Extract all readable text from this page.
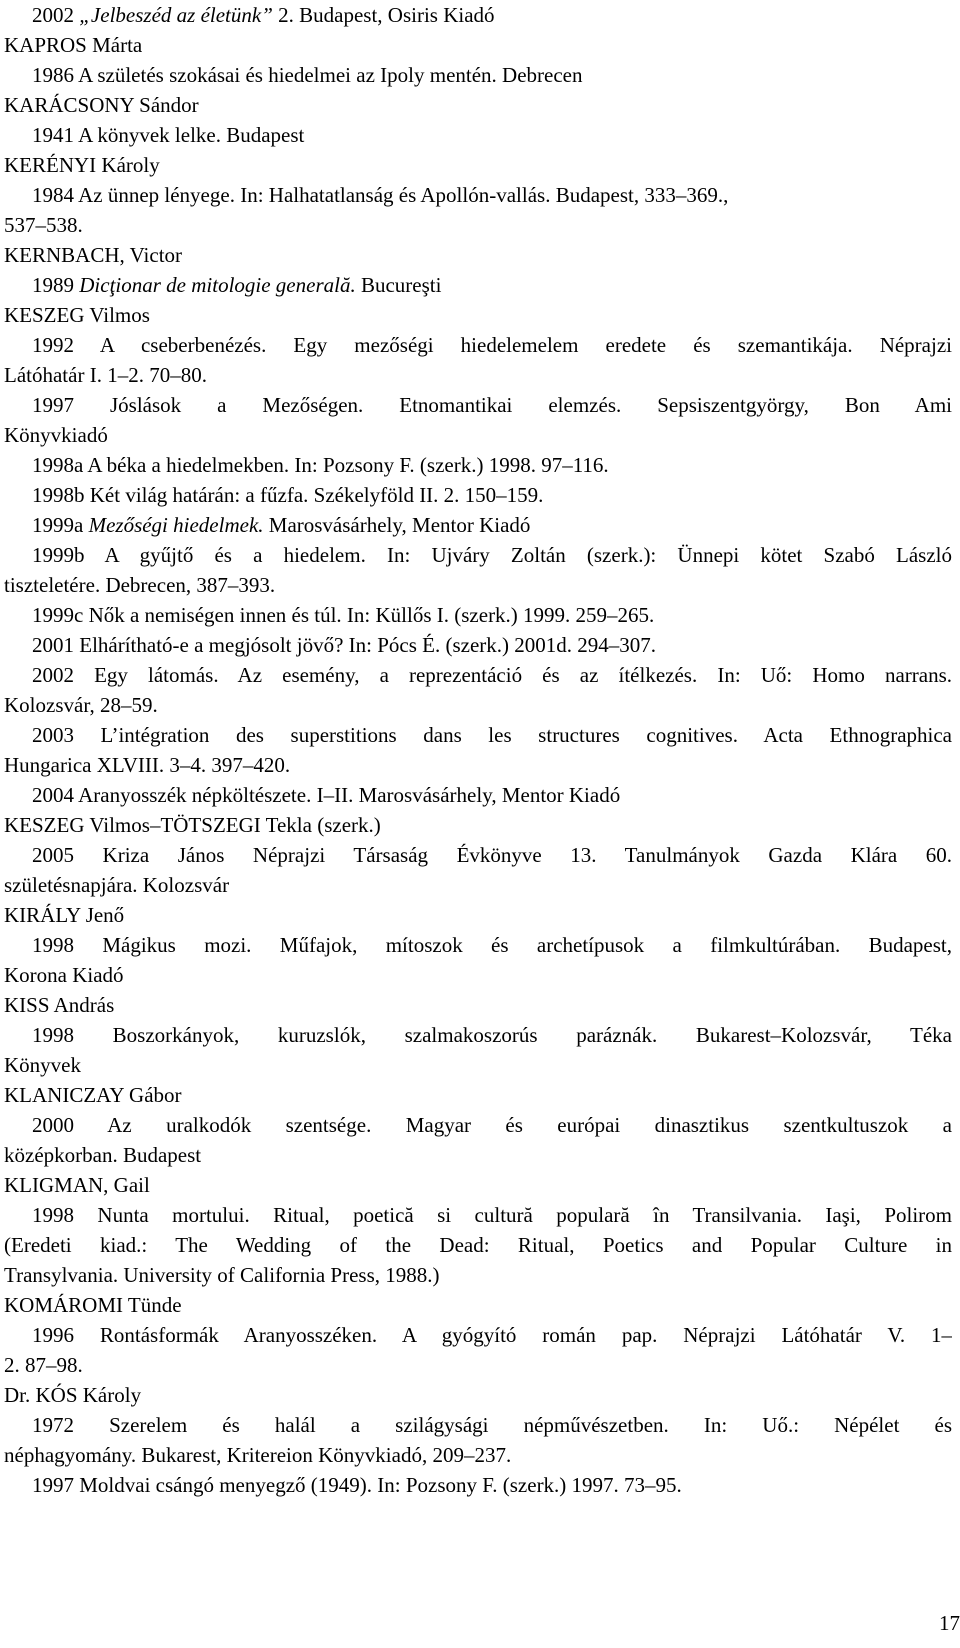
2002 „Jelbeszéd az életünk” 2. Budapest, Osiris Kiadó
KAPROS Márta
1986 A születés szokásai és hiedelmei az Ipoly mentén. Debrecen
KARÁCSONY Sándor
1941 A könyvek lelke. Budapest
KERÉNYI Károly
1984 Az ünnep lényege. In: Halhatatlanság és Apollón-vallás. Budapest, 333–369.,
537–538.
KERNBACH, Victor
1989 Dicţionar de mitologie generală. Bucureşti
KESZEG Vilmos
1992 A cseberbenézés. Egy mezőségi hiedelemelem eredete és szemantikája. Néprajzi
Látóhatár I. 1–2. 70–80.
1997 Jóslások a Mezőségen. Etnomantikai elemzés. Sepsiszentgyörgy, Bon Ami
Könyvkiadó
1998a A béka a hiedelmekben. In: Pozsony F. (szerk.) 1998. 97–116.
1998b Két világ határán: a fűzfa. Székelyföld II. 2. 150–159.
1999a Mezőségi hiedelmek. Marosvásárhely, Mentor Kiadó
1999b A gyűjtő és a hiedelem. In: Ujváry Zoltán (szerk.): Ünnepi kötet Szabó László
tiszteletére. Debrecen, 387–393.
1999c Nők a nemiségen innen és túl. In: Küllős I. (szerk.) 1999. 259–265.
2001 Elhárítható-e a megjósolt jövő? In: Pócs É. (szerk.) 2001d. 294–307.
2002 Egy látomás. Az esemény, a reprezentáció és az ítélkezés. In: Uő: Homo narrans.
Kolozsvár, 28–59.
2003 L’intégration des superstitions dans les structures cognitives. Acta Ethnographica
Hungarica XLVIII. 3–4. 397–420.
2004 Aranyosszék népköltészete. I–II. Marosvásárhely, Mentor Kiadó
KESZEG Vilmos–TÖTSZEGI Tekla (szerk.)
2005 Kriza János Néprajzi Társaság Évkönyve 13. Tanulmányok Gazda Klára 60.
születésnapjára. Kolozsvár
KIRÁLY Jenő
1998 Mágikus mozi. Műfajok, mítoszok és archetípusok a filmkultúrában. Budapest,
Korona Kiadó
KISS András
1998 Boszorkányok, kuruzslók, szalmakoszorús paráznák. Bukarest–Kolozsvár, Téka
Könyvek
KLANICZAY Gábor
2000 Az uralkodók szentsége. Magyar és európai dinasztikus szentkultuszok a
középkorban. Budapest
KLIGMAN, Gail
1998 Nunta mortului. Ritual, poetică si cultură populară în Transilvania. Iaşi, Polirom
(Eredeti kiad.: The Wedding of the Dead: Ritual, Poetics and Popular Culture in
Transylvania. University of California Press, 1988.)
KOMÁROMI Tünde
1996 Rontásformák Aranyosszéken. A gyógyító román pap. Néprajzi Látóhatár V. 1–
2. 87–98.
Dr. KÓS Károly
1972 Szerelem és halál a szilágysági népművészetben. In: Uő.: Népélet és
néphagyomány. Bukarest, Kritereion Könyvkiadó, 209–237.
1997 Moldvai csángó menyegző (1949). In: Pozsony F. (szerk.) 1997. 73–95.
17
